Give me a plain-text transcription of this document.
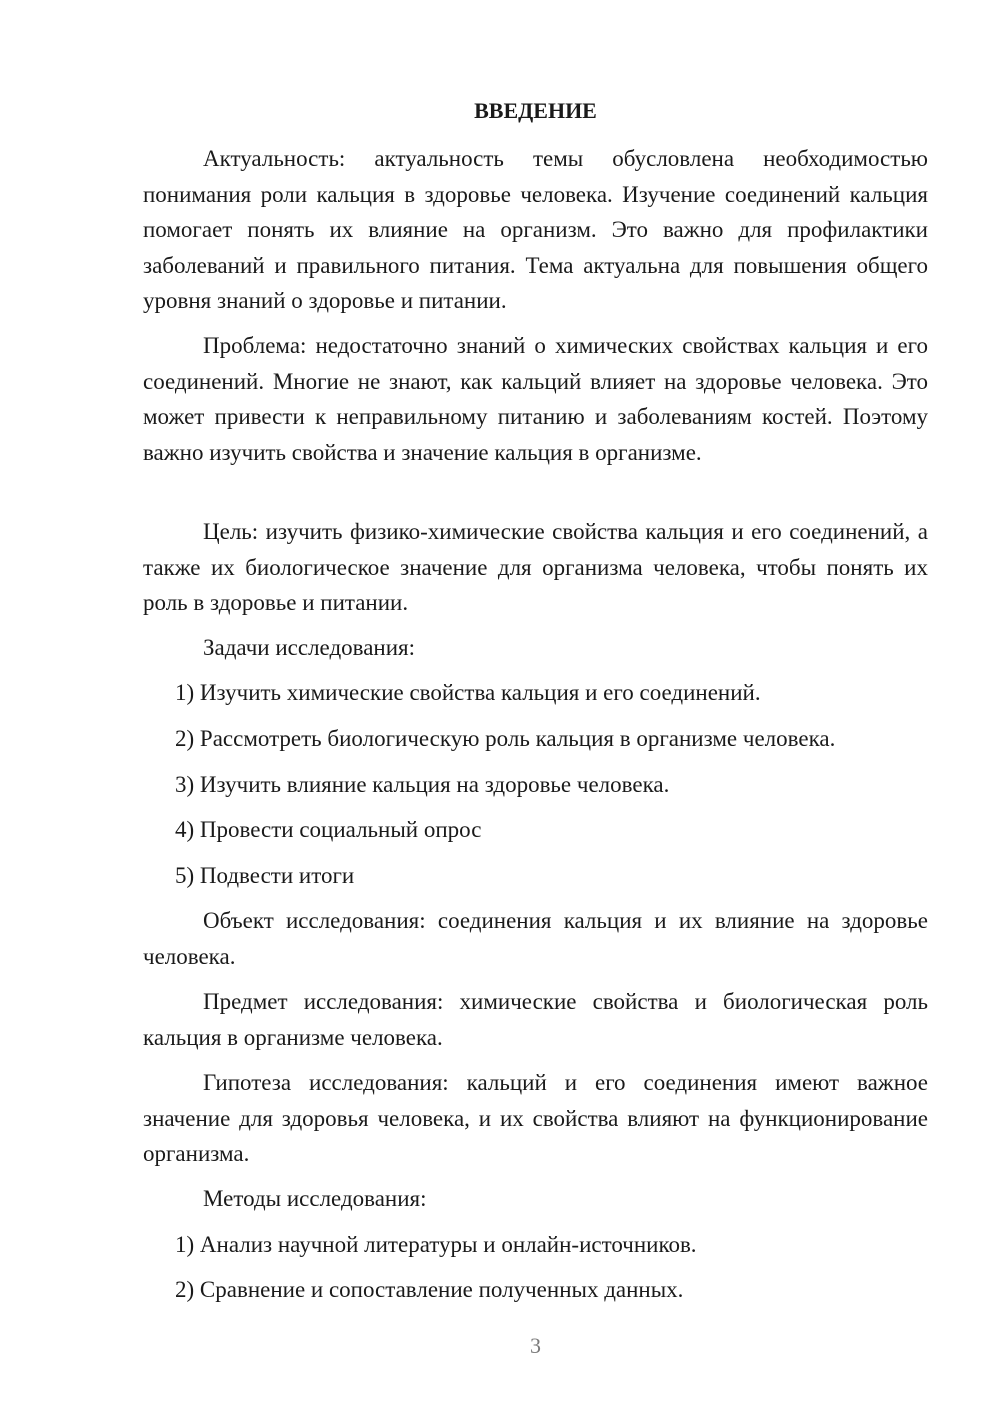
ВВЕДЕНИЕ

Актуальность: актуальность темы обусловлена необходимостью понимания роли кальция в здоровье человека. Изучение соединений кальция помогает понять их влияние на организм. Это важно для профилактики заболеваний и правильного питания. Тема актуальна для повышения общего уровня знаний о здоровье и питании.

Проблема: недостаточно знаний о химических свойствах кальция и его соединений. Многие не знают, как кальций влияет на здоровье человека. Это может привести к неправильному питанию и заболеваниям костей. Поэтому важно изучить свойства и значение кальция в организме.

Цель: изучить физико-химические свойства кальция и его соединений, а также их биологическое значение для организма человека, чтобы понять их роль в здоровье и питании.

Задачи исследования:
1) Изучить химические свойства кальция и его соединений.
2) Рассмотреть биологическую роль кальция в организме человека.
3) Изучить влияние кальция на здоровье человека.
4) Провести социальный опрос
5) Подвести итоги

Объект исследования: соединения кальция и их влияние на здоровье человека.

Предмет исследования: химические свойства и биологическая роль кальция в организме человека.

Гипотеза исследования: кальций и его соединения имеют важное значение для здоровья человека, и их свойства влияют на функционирование организма.

Методы исследования:
1) Анализ научной литературы и онлайн-источников.
2) Сравнение и сопоставление полученных данных.
3
